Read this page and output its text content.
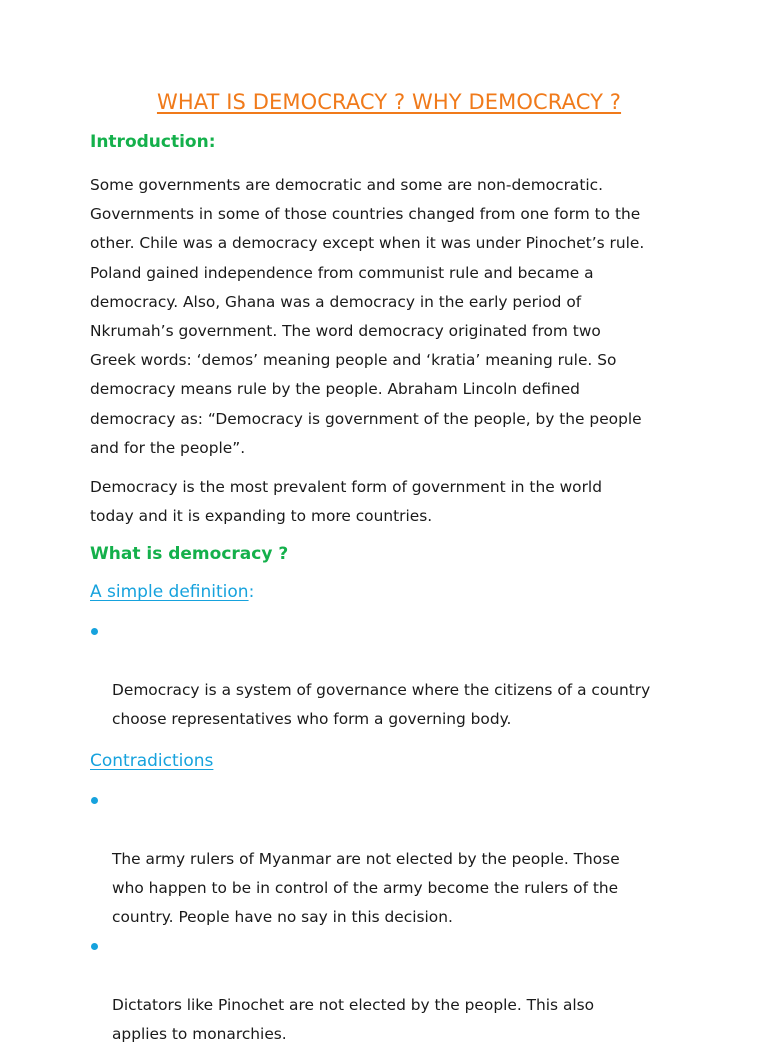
WHAT IS DEMOCRACY ? WHY DEMOCRACY ?
Introduction:

Some governments are democratic and some are non-democratic.
Governments in some of those countries changed from one form to the
other. Chile was a democracy except when it was under Pinochet’s rule.
Poland gained independence from communist rule and became a
democracy. Also, Ghana was a democracy in the early period of
Nkrumah’s government. The word democracy originated from two
Greek words: ‘demos’ meaning people and ‘kratia’ meaning rule. So
democracy means rule by the people. Abraham Lincoln defined
democracy as: “Democracy is government of the people, by the people
and for the people”.

Democracy is the most prevalent form of government in the world
today and it is expanding to more countries.

What is democracy ?
A simple definition:

Democracy is a system of governance where the citizens of a country
choose representatives who form a governing body.

Contradictions

The army rulers of Myanmar are not elected by the people. Those
who happen to be in control of the army become the rulers of the
country. People have no say in this decision.

Dictators like Pinochet are not elected by the people. This also
applies to monarchies.
